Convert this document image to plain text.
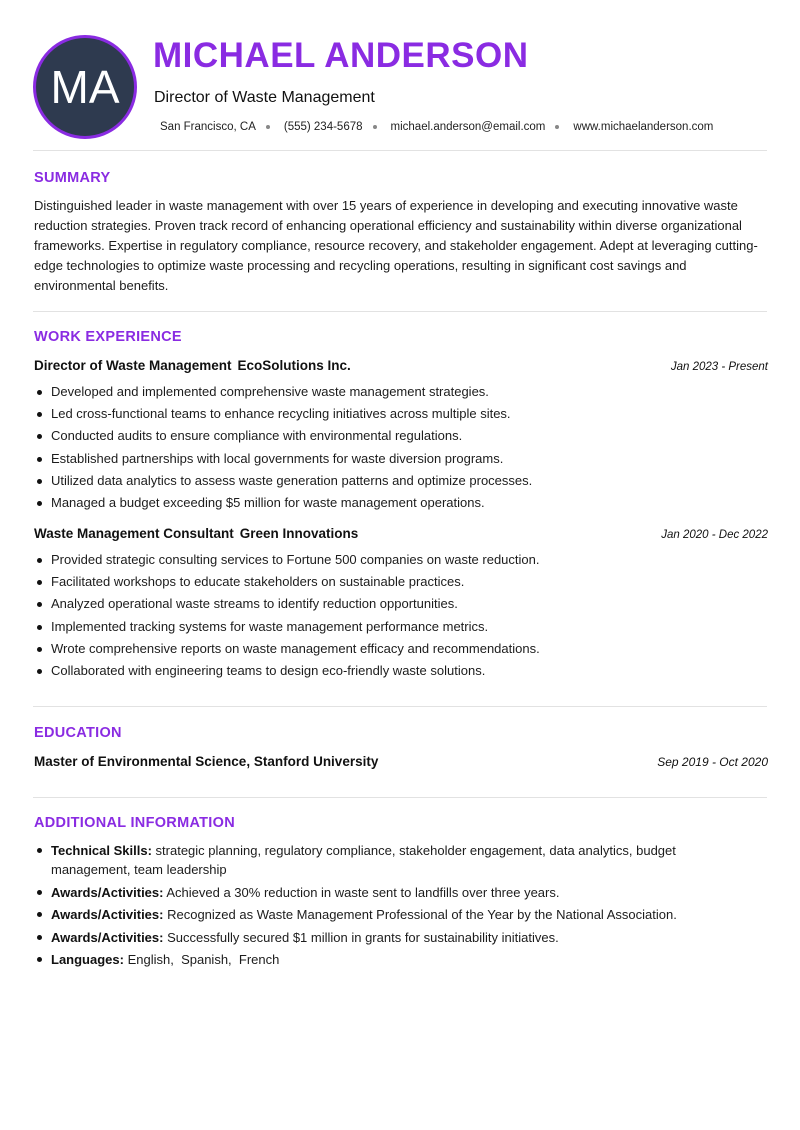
MA
MICHAEL ANDERSON
Director of Waste Management
San Francisco, CA (555) 234-5678 michael.anderson@email.com www.michaelanderson.com
SUMMARY
Distinguished leader in waste management with over 15 years of experience in developing and executing innovative waste reduction strategies. Proven track record of enhancing operational efficiency and sustainability within diverse organizational frameworks. Expertise in regulatory compliance, resource recovery, and stakeholder engagement. Adept at leveraging cutting-edge technologies to optimize waste processing and recycling operations, resulting in significant cost savings and environmental benefits.
WORK EXPERIENCE
Director of Waste Management EcoSolutions Inc.	Jan 2023 - Present
Developed and implemented comprehensive waste management strategies.
Led cross-functional teams to enhance recycling initiatives across multiple sites.
Conducted audits to ensure compliance with environmental regulations.
Established partnerships with local governments for waste diversion programs.
Utilized data analytics to assess waste generation patterns and optimize processes.
Managed a budget exceeding $5 million for waste management operations.
Waste Management Consultant Green Innovations	Jan 2020 - Dec 2022
Provided strategic consulting services to Fortune 500 companies on waste reduction.
Facilitated workshops to educate stakeholders on sustainable practices.
Analyzed operational waste streams to identify reduction opportunities.
Implemented tracking systems for waste management performance metrics.
Wrote comprehensive reports on waste management efficacy and recommendations.
Collaborated with engineering teams to design eco-friendly waste solutions.
EDUCATION
Master of Environmental Science, Stanford University	Sep 2019 - Oct 2020
ADDITIONAL INFORMATION
Technical Skills: strategic planning, regulatory compliance, stakeholder engagement, data analytics, budget management, team leadership
Awards/Activities: Achieved a 30% reduction in waste sent to landfills over three years.
Awards/Activities: Recognized as Waste Management Professional of the Year by the National Association.
Awards/Activities: Successfully secured $1 million in grants for sustainability initiatives.
Languages: English,  Spanish,  French
